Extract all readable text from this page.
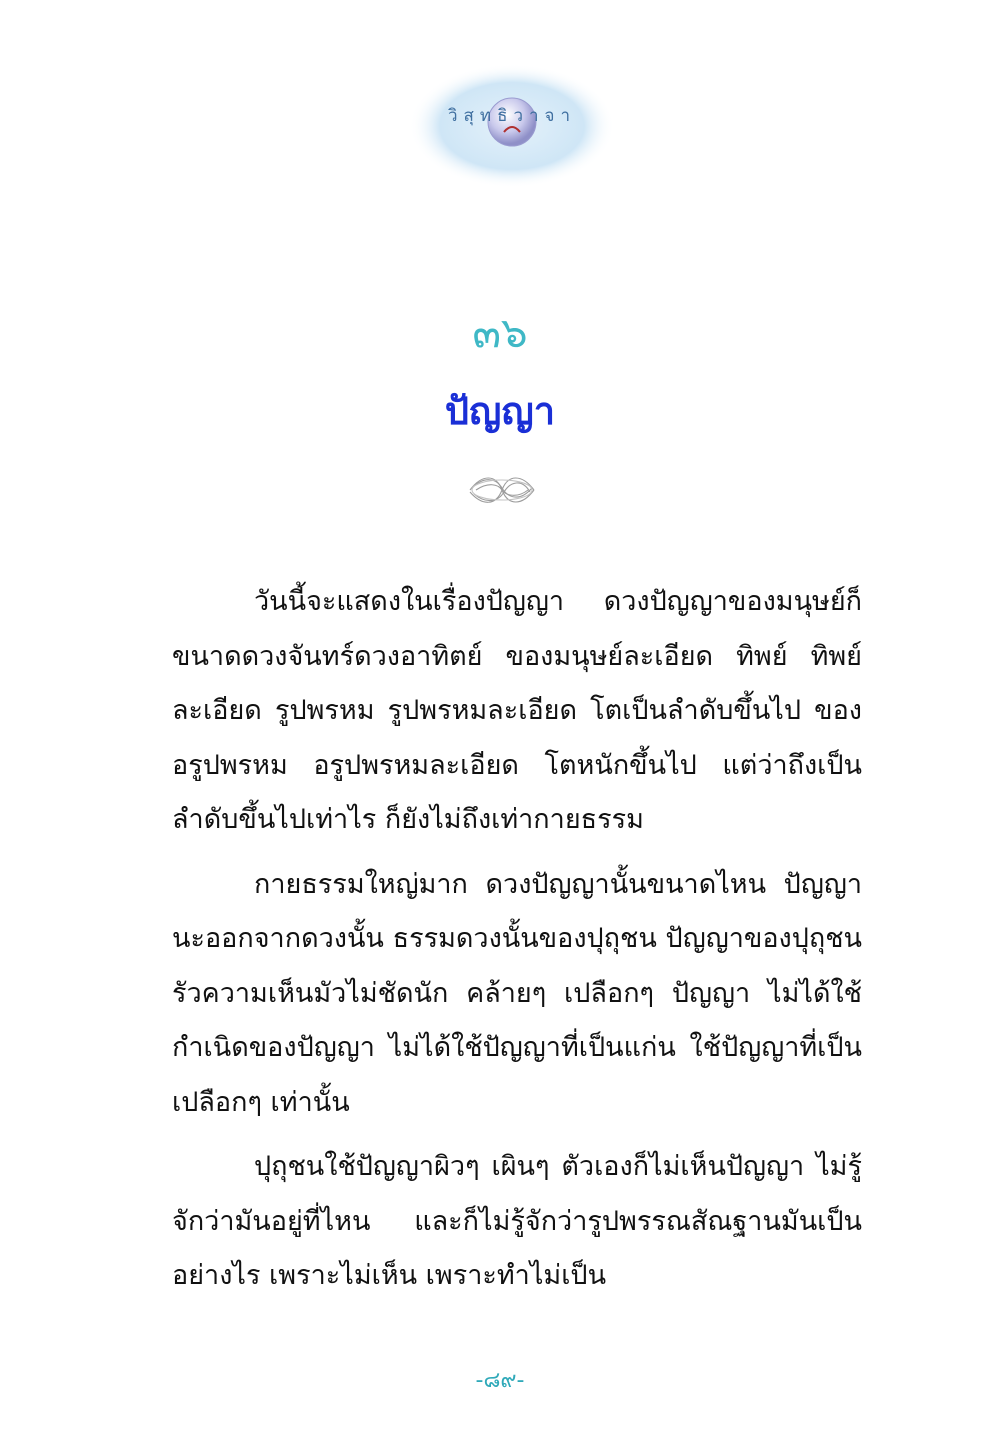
วิสุทธิวาจา
๓๖
ปัญญา

วันนี้จะแสดงในเรื่องปัญญา ดวงปัญญาของมนุษย์ก็ขนาดดวงจันทร์ดวงอาทิตย์ ของมนุษย์ละเอียด ทิพย์ ทิพย์ละเอียด รูปพรหม รูปพรหมละเอียด โตเป็นลำดับขึ้นไป ของอรูปพรหม อรูปพรหมละเอียด โตหนักขึ้นไป แต่ว่าถึงเป็นลำดับขึ้นไปเท่าไร ก็ยังไม่ถึงเท่ากายธรรม

กายธรรมใหญ่มาก ดวงปัญญานั้นขนาดไหน ปัญญานะออกจากดวงนั้น ธรรมดวงนั้นของปุถุชน ปัญญาของปุถุชนรัวความเห็นมัวไม่ชัดนัก คล้ายๆ เปลือกๆ ปัญญา ไม่ได้ใช้กำเนิดของปัญญา ไม่ได้ใช้ปัญญาที่เป็นแก่น ใช้ปัญญาที่เป็นเปลือกๆ เท่านั้น

ปุถุชนใช้ปัญญาผิวๆ เผินๆ ตัวเองก็ไม่เห็นปัญญา ไม่รู้จักว่ามันอยู่ที่ไหน และก็ไม่รู้จักว่ารูปพรรณสัณฐานมันเป็นอย่างไร เพราะไม่เห็น เพราะทำไม่เป็น

-๘๙-
